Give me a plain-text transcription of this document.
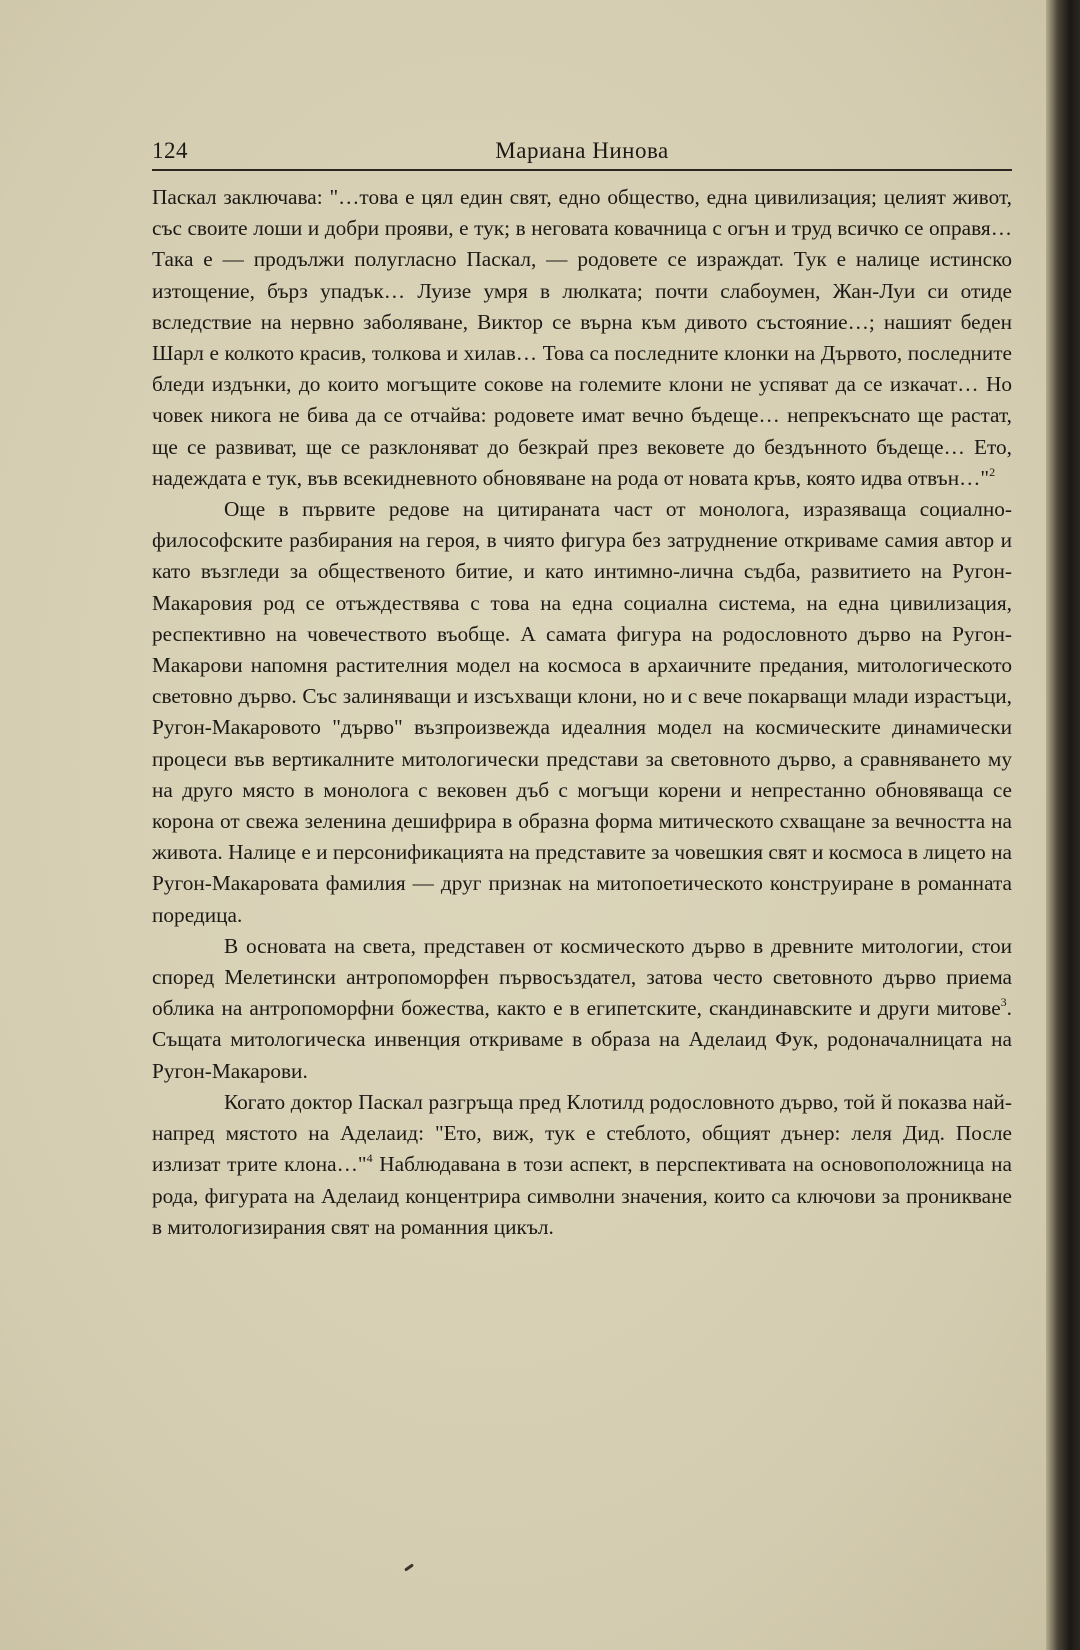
124	Мариана Нинова

Паскал заключава: "…това е цял един свят, едно общество, една цивилизация; целият живот, със своите лоши и добри прояви, е тук; в неговата ковачница с огън и труд всичко се оправя… Така е — продължи полугласно Паскал, — родовете се израждат. Тук е налице истинско изтощение, бърз упадък… Луизе умря в люлката; почти слабоумен, Жан-Луи си отиде вследствие на нервно заболяване, Виктор се върна към дивото състояние…; нашият беден Шарл е колкото красив, толкова и хилав… Това са последните клонки на Дървото, последните бледи издънки, до които могъщите сокове на големите клони не успяват да се изкачат… Но човек никога не бива да се отчайва: родовете имат вечно бъдеще… непрекъснато ще растат, ще се развиват, ще се разклоняват до безкрай през вековете до бездънното бъдеще… Ето, надеждата е тук, във всекидневното обновяване на рода от новата кръв, която идва отвън…"$^2$

Още в първите редове на цитираната част от монолога, изразяваща социално-философските разбирания на героя, в чиято фигура без затруднение откриваме самия автор и като възгледи за общественото битие, и като интимно-лична съдба, развитието на Ругон-Макаровия род се отъждествява с това на една социална система, на една цивилизация, респективно на човечеството въобще. А самата фигура на родословното дърво на Ругон-Макарови напомня растителния модел на космоса в архаичните предания, митологическото световно дърво. Със залиняващи и изсъхващи клони, но и с вече покарващи млади израстъци, Ругон-Макаровото "дърво" възпроизвежда идеалния модел на космическите динамически процеси във вертикалните митологически представи за световното дърво, а сравняването му на друго място в монолога с вековен дъб с могъщи корени и непрестанно обновяваща се корона от свежа зеленина дешифрира в образна форма митическото схващане за вечността на живота. Налице е и персонификацията на представите за човешкия свят и космоса в лицето на Ругон-Макаровата фамилия — друг признак на митопоетическото конструиране в романната поредица.

В основата на света, представен от космическото дърво в древните митологии, стои според Мелетински антропоморфен първосъздател, затова често световното дърво приема облика на антропоморфни божества, както е в египетските, скандинавските и други митове$^3$. Същата митологическа инвенция откриваме в образа на Аделаид Фук, родоначалницата на Ругон-Макарови.

Когато доктор Паскал разгръща пред Клотилд родословното дърво, той й показва най-напред мястото на Аделаид: "Ето, виж, тук е стеблото, общият дънер: леля Дид. После излизат трите клона…"$^4$ Наблюдавана в този аспект, в перспективата на основоположница на рода, фигурата на Аделаид концентрира символни значения, които са ключови за проникване в митологизирания свят на романния цикъл.
